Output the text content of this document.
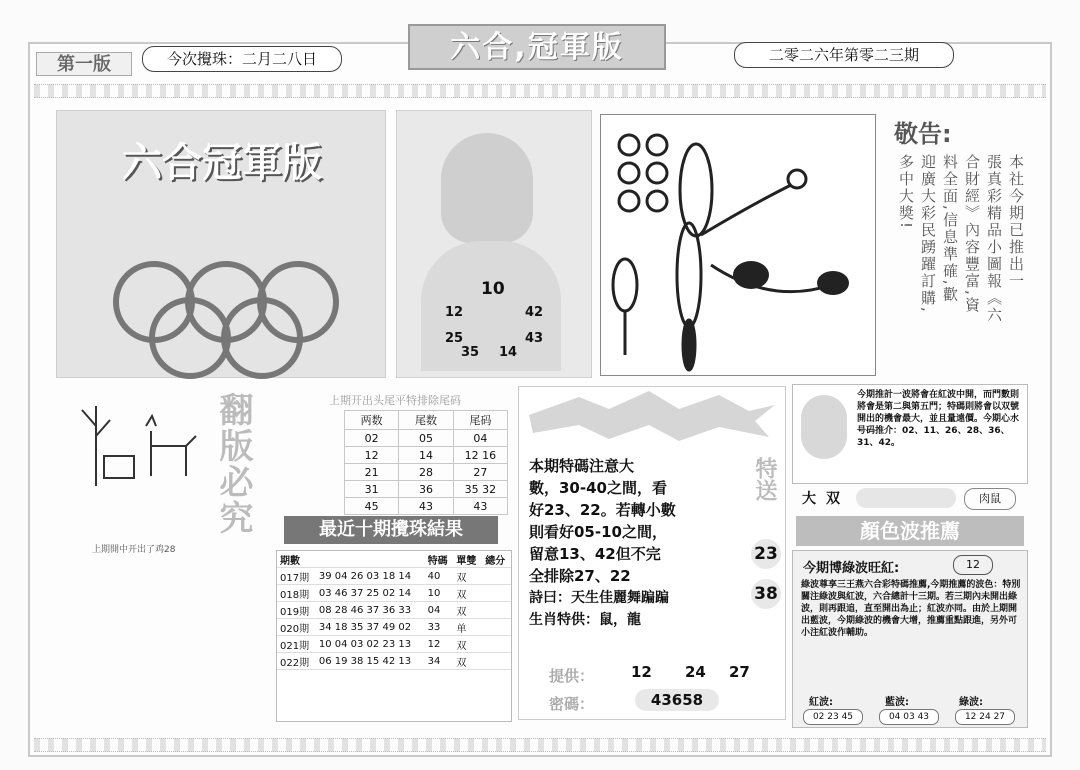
第一版	今次攪珠：二月二八日	六合,冠軍版	二零二六年第零二三期
六合冠軍版
10
12	42
25	43
35 14
敬告:
本社今期已推出一
張真彩精品小圖報《六
合財經》內容豐富,資
料全面,信息準確,歡
迎廣大彩民踴躍訂購,
多中大獎!
上期開中开出了鸡28
翻版必究	上期开出头尾平特排除尾码
两数	尾数	尾码
02	05	04
12	14	12 16
21	28	27
31	36	35 32
45	43	43
最近十期攪珠結果
期數		特碼	單雙	總分
017期	39 04 26 03 18 14	40	双	
018期	03 46 37 25 02 14	10	双	
019期	08 28 46 37 36 33	04	双	
020期	34 18 35 37 49 02	33	单	
021期	10 04 03 02 23 13	12	双	
022期	06 19 38 15 42 13	34	双	
本期特碼注意大
數，30-40之間，看
好23、22。若轉小數
則看好05-10之間，
留意13、42但不完
全排除27、22
詩曰：天生佳麗舞蹁蹁
生肖特供：鼠，龍
特送
23
38
提供： 12 24 27
密碼：	43658
今期推計一波將會在紅波中開，而門數則將會是第二與第五門；特碼則將會以双號開出的機會最大，並且量遠價。今期心水号码推介：02、11、26、28、36、31、42。
大 双	肉鼠
顏色波推薦
今期博綠波旺紅:	12
綠波尊享三王燕六合彩特碼推薦,今期推薦的波色：特別關注綠波與紅波，六合總計十三期。若三期內未開出綠波，則再跟追，直至開出為止；紅波亦同。由於上期開出藍波，今期綠波的機會大增，推薦重點跟進，另外可小注紅波作輔助。
紅波:	藍波:	綠波:
02 23 45	04 03 43	12 24 27
